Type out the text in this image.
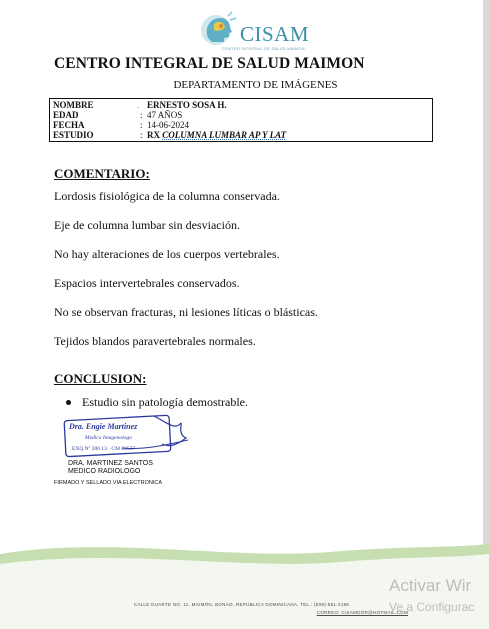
CISAM
CENTRO INTEGRAL DE SALUD MAIMON
CENTRO INTEGRAL DE SALUD MAIMON
DEPARTAMENTO DE IMÁGENES
NOMBRE	ᵕ ERNESTO SOSA H.
EDAD	: 47 AÑOS
FECHA	: 14-06-2024
ESTUDIO	: RX COLUMNA LUMBAR AP Y LAT
COMENTARIO:
Lordosis fisiológica de la columna conservada.
Eje de columna lumbar sin desviación.
No hay alteraciones de los cuerpos vertebrales.
Espacios intervertebrales conservados.
No se observan fracturas, ni lesiones líticas o blásticas.
Tejidos blandos paravertebrales normales.
CONCLUSION:
Estudio sin patología demostrable.
Dra. Engie Martinez
Medico Imagenologo
EXQ Nº 206 13 · CM 24537
DRA. MARTINEZ SANTOS
MEDICO RADIOLOGO
FIRMADO Y SELLADO VIA ELECTRONICA
CALLE DUARTE NO. 11, MAIMÓN, BONAO, REPUBLICA DOMINICANA, TEL.: (809)-551-2196
CORREO: CISAMDOR@HOTMAIL.COM
Activar Wir
Ve a Configurac
